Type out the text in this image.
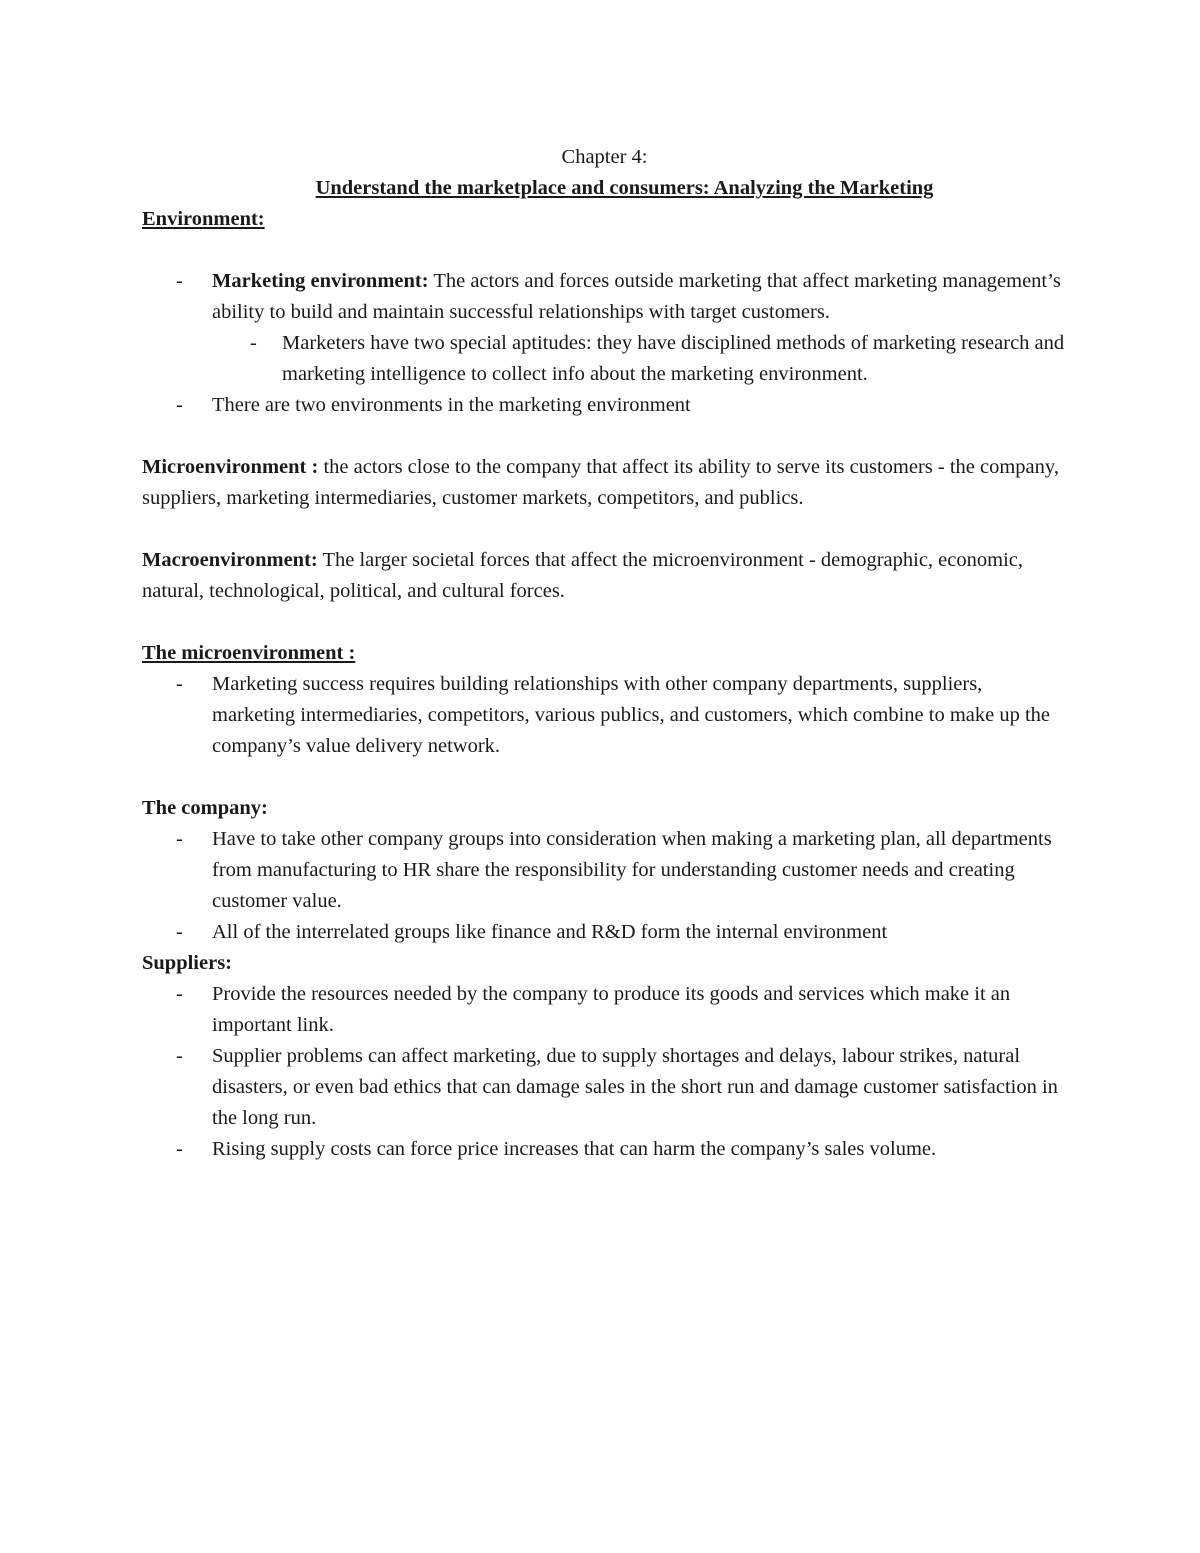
Chapter 4:
Understand the marketplace and consumers: Analyzing the Marketing
Environment:
- Marketing environment: The actors and forces outside marketing that affect marketing management’s ability to build and maintain successful relationships with target customers.
- Marketers have two special aptitudes: they have disciplined methods of marketing research and marketing intelligence to collect info about the marketing environment.
- There are two environments in the marketing environment
Microenvironment : the actors close to the company that affect its ability to serve its customers - the company, suppliers, marketing intermediaries, customer markets, competitors, and publics.
Macroenvironment: The larger societal forces that affect the microenvironment - demographic, economic, natural, technological, political, and cultural forces.
The microenvironment :
- Marketing success requires building relationships with other company departments, suppliers, marketing intermediaries, competitors, various publics, and customers, which combine to make up the company’s value delivery network.
The company:
- Have to take other company groups into consideration when making a marketing plan, all departments from manufacturing to HR share the responsibility for understanding customer needs and creating customer value.
- All of the interrelated groups like finance and R&D form the internal environment
Suppliers:
- Provide the resources needed by the company to produce its goods and services which make it an important link.
- Supplier problems can affect marketing, due to supply shortages and delays, labour strikes, natural disasters, or even bad ethics that can damage sales in the short run and damage customer satisfaction in the long run.
- Rising supply costs can force price increases that can harm the company’s sales volume.
